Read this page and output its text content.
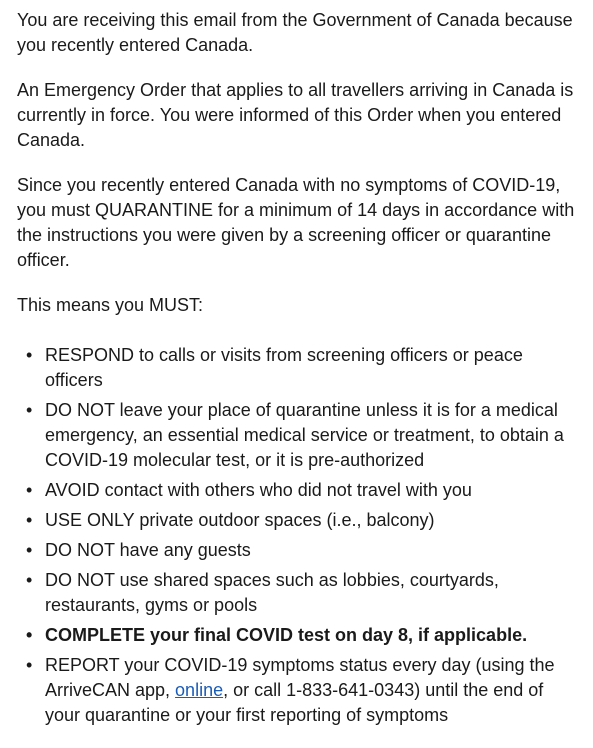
You are receiving this email from the Government of Canada because you recently entered Canada.

An Emergency Order that applies to all travellers arriving in Canada is currently in force. You were informed of this Order when you entered Canada.

Since you recently entered Canada with no symptoms of COVID-19, you must QUARANTINE for a minimum of 14 days in accordance with the instructions you were given by a screening officer or quarantine officer.

This means you MUST:

• RESPOND to calls or visits from screening officers or peace officers
• DO NOT leave your place of quarantine unless it is for a medical emergency, an essential medical service or treatment, to obtain a COVID-19 molecular test, or it is pre-authorized
• AVOID contact with others who did not travel with you
• USE ONLY private outdoor spaces (i.e., balcony)
• DO NOT have any guests
• DO NOT use shared spaces such as lobbies, courtyards, restaurants, gyms or pools
• COMPLETE your final COVID test on day 8, if applicable.
• REPORT your COVID-19 symptoms status every day (using the ArriveCAN app, online, or call 1-833-641-0343) until the end of your quarantine or your first reporting of symptoms
